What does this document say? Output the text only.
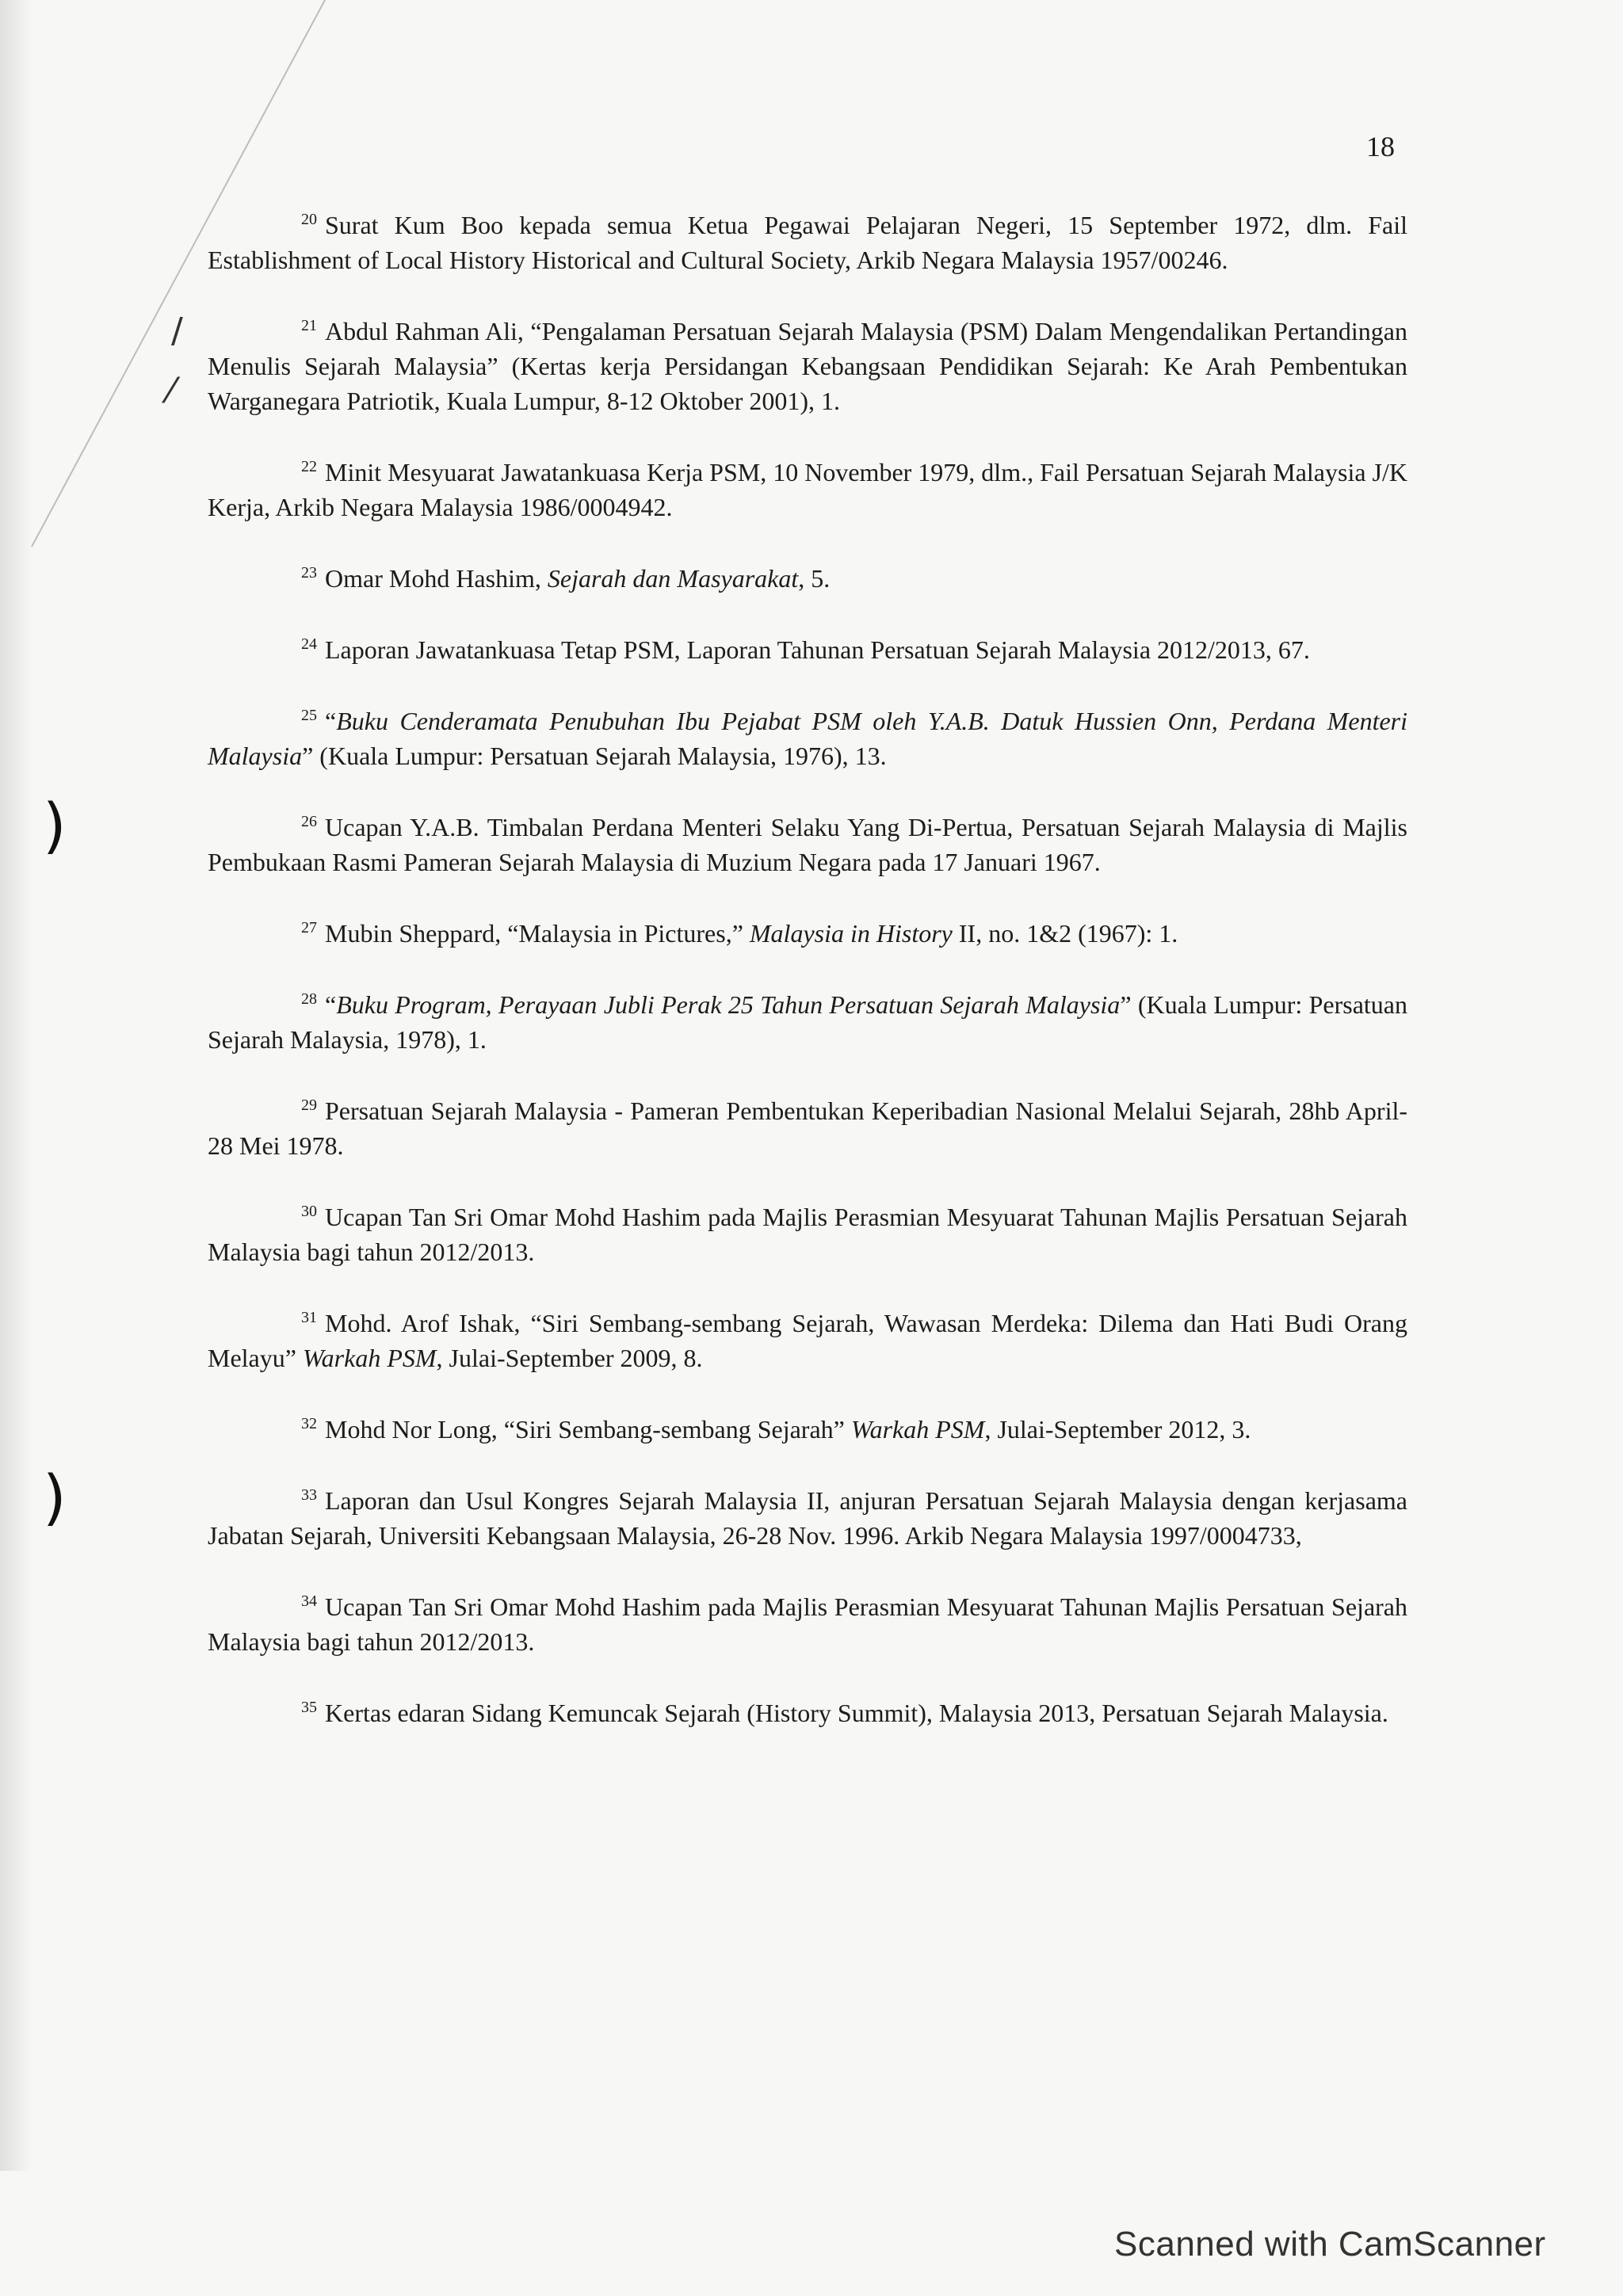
18
/
⁄

$^{20}$ Surat Kum Boo kepada semua Ketua Pegawai Pelajaran Negeri, 15 September 1972, dlm. Fail Establishment of Local History Historical and Cultural Society, Arkib Negara Malaysia 1957/00246.

$^{21}$ Abdul Rahman Ali, “Pengalaman Persatuan Sejarah Malaysia (PSM) Dalam Mengendalikan Pertandingan Menulis Sejarah Malaysia” (Kertas kerja Persidangan Kebangsaan Pendidikan Sejarah: Ke Arah Pembentukan Warganegara Patriotik, Kuala Lumpur, 8-12 Oktober 2001), 1.

$^{22}$ Minit Mesyuarat Jawatankuasa Kerja PSM, 10 November 1979, dlm., Fail Persatuan Sejarah Malaysia J/K Kerja, Arkib Negara Malaysia 1986/0004942.

$^{23}$ Omar Mohd Hashim, Sejarah dan Masyarakat, 5.

$^{24}$ Laporan Jawatankuasa Tetap PSM, Laporan Tahunan Persatuan Sejarah Malaysia 2012/2013, 67.

$^{25}$ “Buku Cenderamata Penubuhan Ibu Pejabat PSM oleh Y.A.B. Datuk Hussien Onn, Perdana Menteri Malaysia” (Kuala Lumpur: Persatuan Sejarah Malaysia, 1976), 13.

$^{26}$ Ucapan Y.A.B. Timbalan Perdana Menteri Selaku Yang Di-Pertua, Persatuan Sejarah Malaysia di Majlis Pembukaan Rasmi Pameran Sejarah Malaysia di Muzium Negara pada 17 Januari 1967.

$^{27}$ Mubin Sheppard, “Malaysia in Pictures,” Malaysia in History II, no. 1&2 (1967): 1.

$^{28}$ “Buku Program, Perayaan Jubli Perak 25 Tahun Persatuan Sejarah Malaysia” (Kuala Lumpur: Persatuan Sejarah Malaysia, 1978), 1.

$^{29}$ Persatuan Sejarah Malaysia - Pameran Pembentukan Keperibadian Nasional Melalui Sejarah, 28hb April-28 Mei 1978.

$^{30}$ Ucapan Tan Sri Omar Mohd Hashim pada Majlis Perasmian Mesyuarat Tahunan Majlis Persatuan Sejarah Malaysia bagi tahun 2012/2013.

$^{31}$ Mohd. Arof Ishak, “Siri Sembang-sembang Sejarah, Wawasan Merdeka: Dilema dan Hati Budi Orang Melayu” Warkah PSM, Julai-September 2009, 8.

$^{32}$ Mohd Nor Long, “Siri Sembang-sembang Sejarah” Warkah PSM, Julai-September 2012, 3.

$^{33}$ Laporan dan Usul Kongres Sejarah Malaysia II, anjuran Persatuan Sejarah Malaysia dengan kerjasama Jabatan Sejarah, Universiti Kebangsaan Malaysia, 26-28 Nov. 1996. Arkib Negara Malaysia 1997/0004733,

$^{34}$ Ucapan Tan Sri Omar Mohd Hashim pada Majlis Perasmian Mesyuarat Tahunan Majlis Persatuan Sejarah Malaysia bagi tahun 2012/2013.

$^{35}$ Kertas edaran Sidang Kemuncak Sejarah (History Summit), Malaysia 2013, Persatuan Sejarah Malaysia.

)
)
Scanned with CamScanner
